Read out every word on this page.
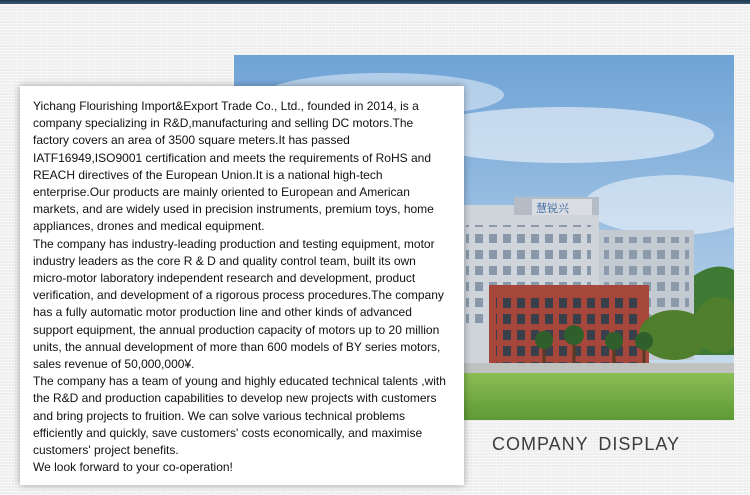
慧锐兴
COMPANY DISPLAY

Yichang Flourishing Import&Export Trade Co., Ltd., founded in 2014, is a
company specializing in R&D,manufacturing and selling DC motors.The
factory covers an area of 3500 square meters.It has passed
IATF16949,ISO9001 certification and meets the requirements of RoHS and
REACH directives of the European Union.It is a national high-tech
enterprise.Our products are mainly oriented to European and American
markets, and are widely used in precision instruments, premium toys, home
appliances, drones and medical equipment.

The company has industry-leading production and testing equipment, motor
industry leaders as the core R & D and quality control team, built its own
micro-motor laboratory independent research and development, product
verification, and development of a rigorous process procedures.The company
has a fully automatic motor production line and other kinds of advanced
support equipment, the annual production capacity of motors up to 20 million
units, the annual development of more than 600 models of BY series motors,
sales revenue of 50,000,000¥.

The company has a team of young and highly educated technical talents ,with
the R&D and production capabilities to develop new projects with customers
and bring projects to fruition. We can solve various technical problems
efficiently and quickly, save customers' costs economically, and maximise
customers' project benefits.

We look forward to your co-operation!
